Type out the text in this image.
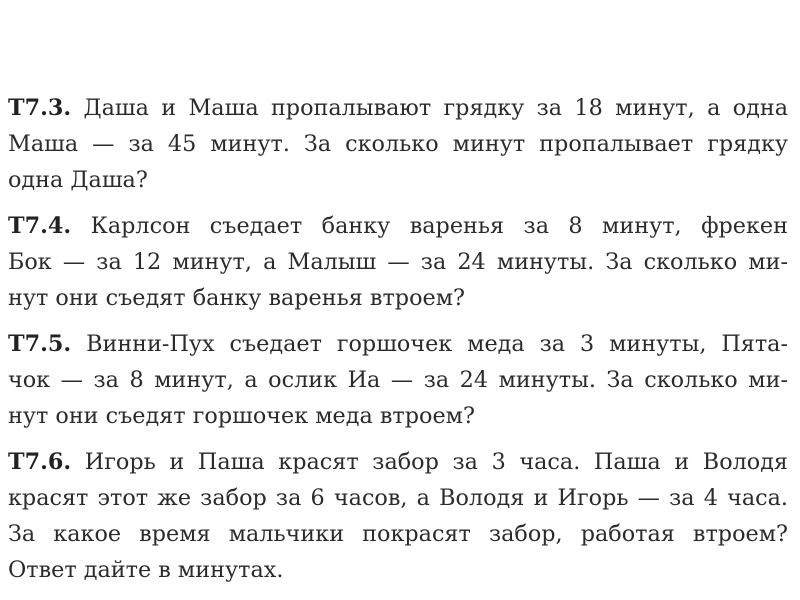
Т7.3. Даша и Маша пропалывают грядку за 18 минут, а одна
Маша — за 45 минут. За сколько минут пропалывает грядку
одна Даша?
Т7.4. Карлсон съедает банку варенья за 8 минут, фрекен
Бок — за 12 минут, а Малыш — за 24 минуты. За сколько ми-
нут они съедят банку варенья втроем?
Т7.5. Винни-Пух съедает горшочек меда за 3 минуты, Пята-
чок — за 8 минут, а ослик Иа — за 24 минуты. За сколько ми-
нут они съедят горшочек меда втроем?
Т7.6. Игорь и Паша красят забор за 3 часа. Паша и Володя
красят этот же забор за 6 часов, а Володя и Игорь — за 4 часа.
За какое время мальчики покрасят забор, работая втроем?
Ответ дайте в минутах.
